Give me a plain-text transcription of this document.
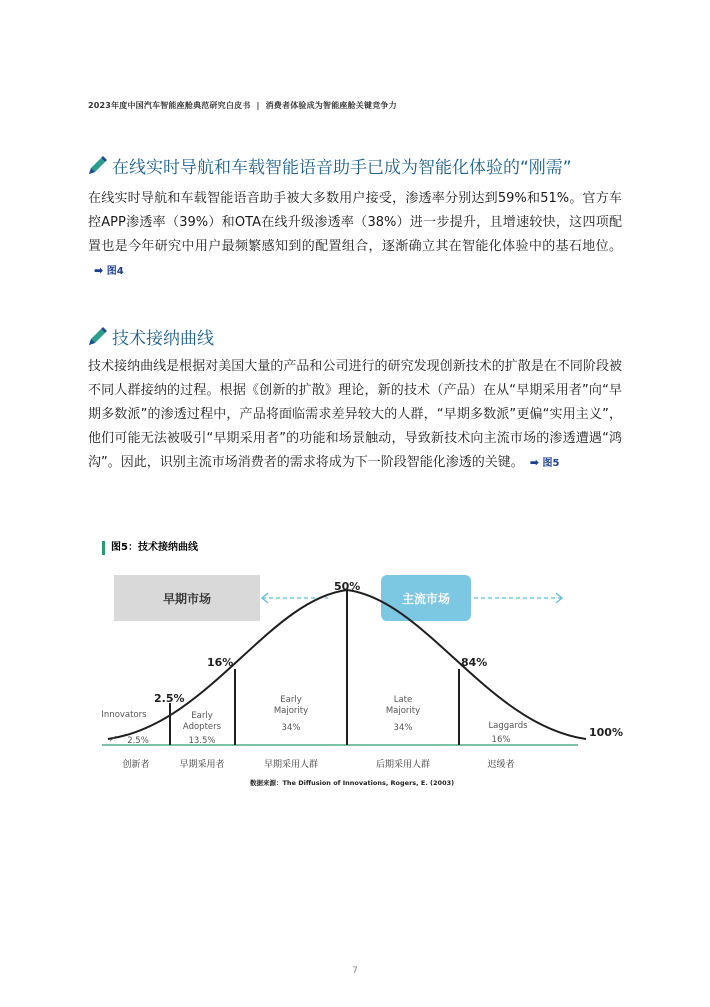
2023年度中国汽车智能座舱典范研究白皮书 | 消费者体验成为智能座舱关键竞争力
在线实时导航和车载智能语音助手已成为智能化体验的“刚需”
在线实时导航和车载智能语音助手被大多数用户接受，渗透率分别达到59%和51%。官方车控APP渗透率（39%）和OTA在线升级渗透率（38%）进一步提升，且增速较快，这四项配置也是今年研究中用户最频繁感知到的配置组合，逐渐确立其在智能化体验中的基石地位。➡ 图4
技术接纳曲线
技术接纳曲线是根据对美国大量的产品和公司进行的研究发现创新技术的扩散是在不同阶段被不同人群接纳的过程。根据《创新的扩散》理论，新的技术（产品）在从“早期采用者”向“早期多数派”的渗透过程中，产品将面临需求差异较大的人群，“早期多数派”更偏“实用主义”，他们可能无法被吸引“早期采用者”的功能和场景触动，导致新技术向主流市场的渗透遭遇“鸿沟”。因此，识别主流市场消费者的需求将成为下一阶段智能化渗透的关键。 ➡ 图5
图5：技术接纳曲线
早期市场	主流市场
2.5%
16%
50%
84%
100%
Innovators	Early Adopters
Early Majority
Late Majority
Laggards
2.5%	13.5%
34%	34%
16%
创新者	早期采用者	早期采用人群	后期采用人群	迟缓者
数据来源：The Diffusion of Innovations, Rogers, E. (2003)
7
